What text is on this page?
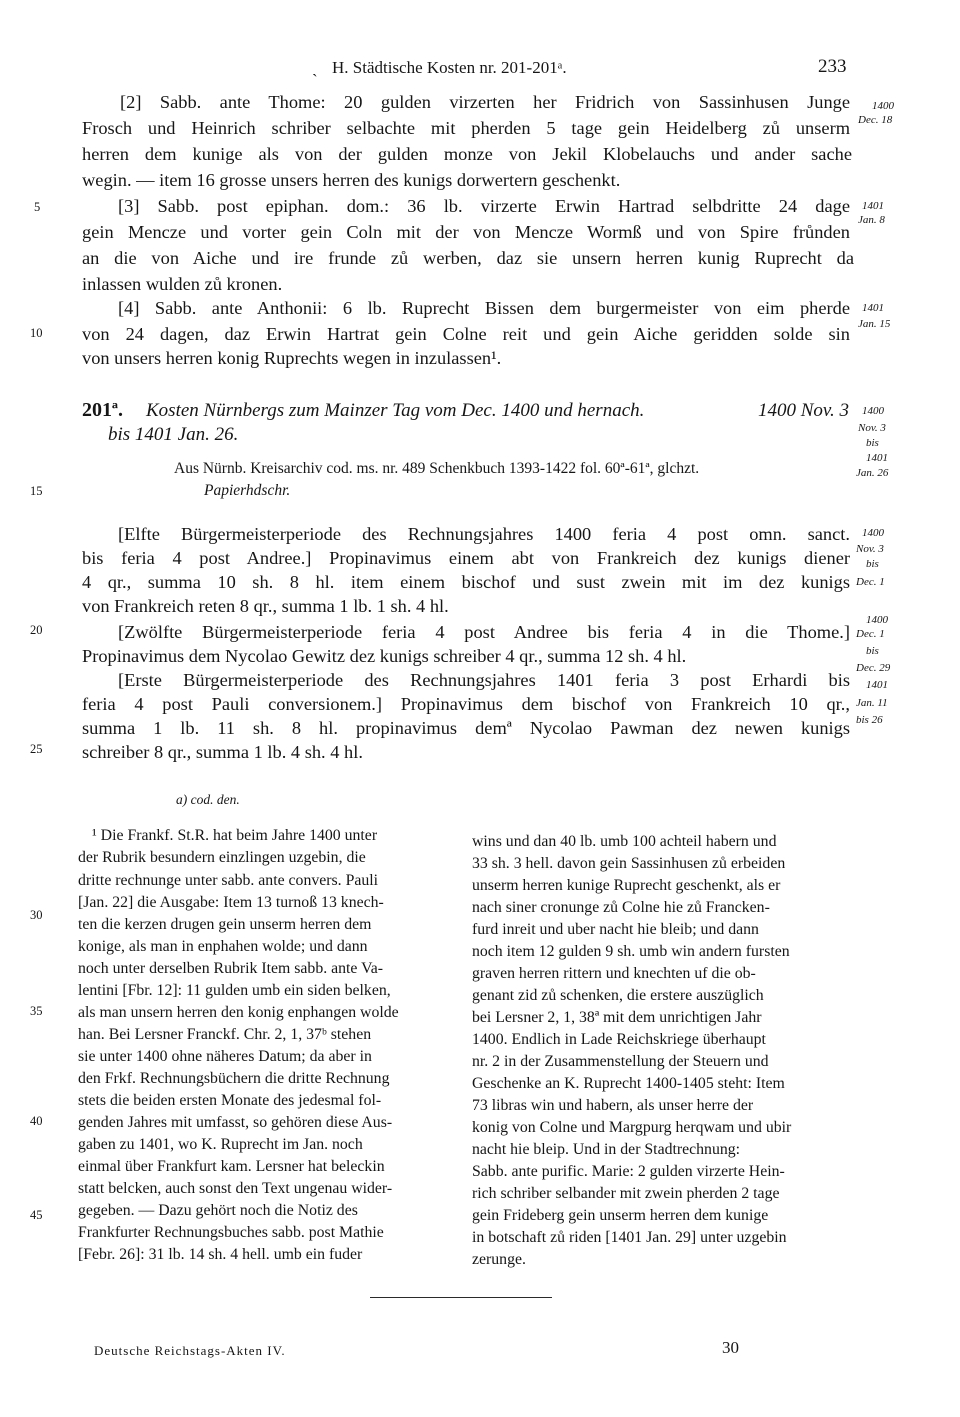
ˏ H. Städtische Kosten nr. 201-201ᵃ.	233
[2] Sabb. ante Thome: 20 gulden virzerten her Fridrich von Sassinhusen Junge
Frosch und Heinrich schriber selbachte mit pherden 5 tage gein Heidelberg zů unserm
herren dem kunige als von der gulden monze von Jekil Klobelauchs und ander sache
wegin. — item 16 grosse unsers herren des kunigs dorwertern geschenkt.
[3] Sabb. post epiphan. dom.: 36 lb. virzerte Erwin Hartrad selbdritte 24 dage
gein Mencze und vorter gein Coln mit der von Mencze Wormß und von Spire frůnden
an die von Aiche und ire frunde zů werben, daz sie unsern herren kunig Ruprecht da
inlassen wulden zů kronen.
[4] Sabb. ante Anthonii: 6 lb. Ruprecht Bissen dem burgermeister von eim pherde
von 24 dagen, daz Erwin Hartrat gein Colne reit und gein Aiche geridden solde sin
von unsers herren konig Ruprechts wegen in inzulassen¹.
201ª. Kosten Nürnbergs zum Mainzer Tag vom Dec. 1400 und hernach.	1400 Nov. 3
bis 1401 Jan. 26.
Aus Nürnb. Kreisarchiv cod. ms. nr. 489 Schenkbuch 1393-1422 fol. 60ª-61ª, glchzt.
Papierhdschr.
[Elfte Bürgermeisterperiode des Rechnungsjahres 1400 feria 4 post omn. sanct.
bis feria 4 post Andree.] Propinavimus einem abt von Frankreich dez kunigs diener
4 qr., summa 10 sh. 8 hl. item einem bischof und sust zwein mit im dez kunigs
von Frankreich reten 8 qr., summa 1 lb. 1 sh. 4 hl.
[Zwölfte Bürgermeisterperiode feria 4 post Andree bis feria 4 in die Thome.]
Propinavimus dem Nycolao Gewitz dez kunigs schreiber 4 qr., summa 12 sh. 4 hl.
[Erste Bürgermeisterperiode des Rechnungsjahres 1401 feria 3 post Erhardi bis
feria 4 post Pauli conversionem.] Propinavimus dem bischof von Frankreich 10 qr.,
summa 1 lb. 11 sh. 8 hl. propinavimus demª Nycolao Pawman dez newen kunigs
schreiber 8 qr., summa 1 lb. 4 sh. 4 hl.
5
10
15
20
25
30
35
40
45
1400
Dec. 18
1401
Jan. 8
1401
Jan. 15
1400
Nov. 3
bis
1401
Jan. 26
1400
Nov. 3
bis
Dec. 1
1400
Dec. 1
bis
Dec. 29
1401
Jan. 11
bis 26
a) cod. den.
¹ Die Frankf. St.R. hat beim Jahre 1400 unter
der Rubrik besundern einzlingen uzgebin, die
dritte rechnunge unter sabb. ante convers. Pauli
[Jan. 22] die Ausgabe: Item 13 turnoß 13 knech-
ten die kerzen drugen gein unserm herren dem
konige, als man in enphahen wolde; und dann
noch unter derselben Rubrik Item sabb. ante Va-
lentini [Fbr. 12]: 11 gulden umb ein siden belken,
als man unsern herren den konig enphangen wolde
han. Bei Lersner Franckf. Chr. 2, 1, 37ᵇ stehen
sie unter 1400 ohne näheres Datum; da aber in
den Frkf. Rechnungsbüchern die dritte Rechnung
stets die beiden ersten Monate des jedesmal fol-
genden Jahres mit umfasst, so gehören diese Aus-
gaben zu 1401, wo K. Ruprecht im Jan. noch
einmal über Frankfurt kam. Lersner hat beleckin
statt belcken, auch sonst den Text ungenau wider-
gegeben. — Dazu gehört noch die Notiz des
Frankfurter Rechnungsbuches sabb. post Mathie
[Febr. 26]: 31 lb. 14 sh. 4 hell. umb ein fuder
wins und dan 40 lb. umb 100 achteil habern und
33 sh. 3 hell. davon gein Sassinhusen zů erbeiden
unserm herren kunige Ruprecht geschenkt, als er
nach siner cronunge zů Colne hie zů Francken-
furd inreit und uber nacht hie bleib; und dann
noch item 12 gulden 9 sh. umb win andern fursten
graven herren rittern und knechten uf die ob-
genant zid zů schenken, die erstere auszüglich
bei Lersner 2, 1, 38ª mit dem unrichtigen Jahr
1400. Endlich in Lade Reichskriege überhaupt
nr. 2 in der Zusammenstellung der Steuern und
Geschenke an K. Ruprecht 1400-1405 steht: Item
73 libras win und habern, als unser herre der
konig von Colne und Margpurg herqwam und ubir
nacht hie bleip. Und in der Stadtrechnung:
Sabb. ante purific. Marie: 2 gulden virzerte Hein-
rich schriber selbander mit zwein pherden 2 tage
gein Frideberg gein unserm herren dem kunige
in botschaft zů riden [1401 Jan. 29] unter uzgebin
zerunge.
Deutsche Reichstags-Akten IV.	30
